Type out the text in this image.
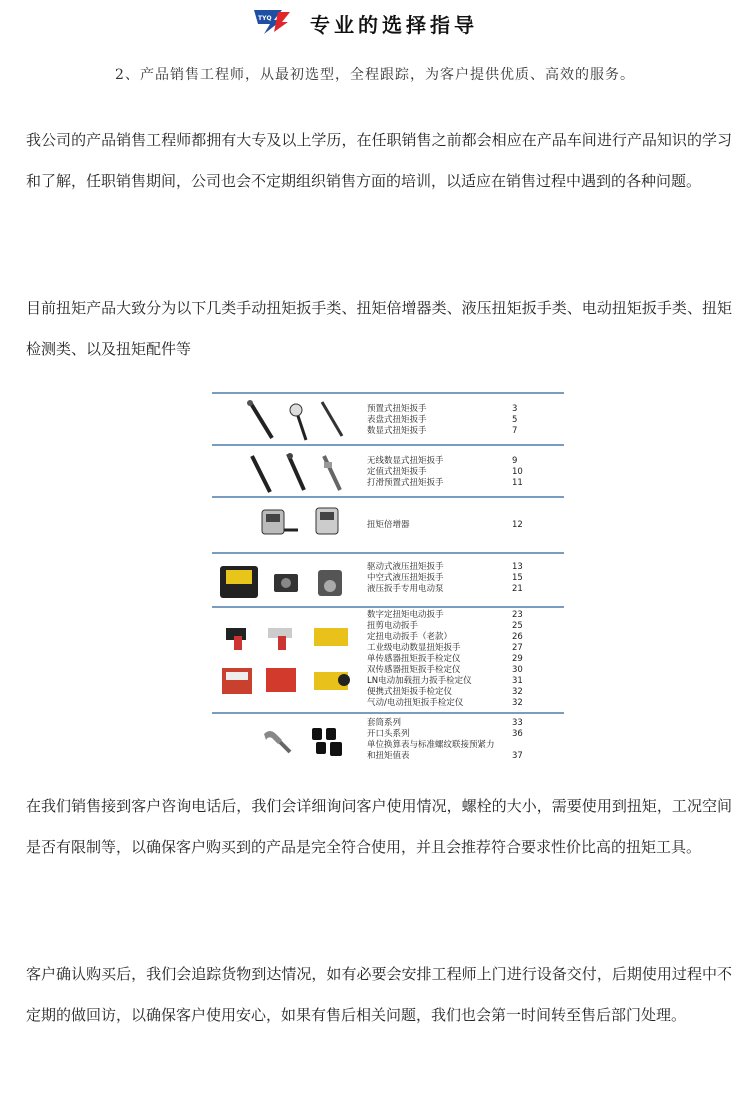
TYQ 专业的选择指导
2、产品销售工程师，从最初选型，全程跟踪，为客户提供优质、高效的服务。
我公司的产品销售工程师都拥有大专及以上学历，在任职销售之前都会相应在产品车间进行产品知识的学习和了解，任职销售期间，公司也会不定期组织销售方面的培训，以适应在销售过程中遇到的各种问题。
目前扭矩产品大致分为以下几类手动扭矩扳手类、扭矩倍增器类、液压扭矩扳手类、电动扭矩扳手类、扭矩检测类、以及扭矩配件等
预置式扭矩扳手
表盘式扭矩扳手
数显式扭矩扳手
3
5
7
无线数显式扭矩扳手
定值式扭矩扳手
打滑预置式扭矩扳手
9
10
11
扭矩倍增器	12
驱动式液压扭矩扳手
中空式液压扭矩扳手
液压扳手专用电动泵
13
15
21
数字定扭矩电动扳手
扭剪电动扳手
定扭电动扳手（老款）
工业级电动数显扭矩扳手
单传感器扭矩扳手检定仪
双传感器扭矩扳手检定仪
LN电动加载扭力扳手检定仪
便携式扭矩扳手检定仪
气动/电动扭矩扳手检定仪
23
25
26
27
29
30
31
32
32
套筒系列
开口头系列
单位换算表与标准螺纹联接预紧力
和扭矩值表
33
36
37
在我们销售接到客户咨询电话后，我们会详细询问客户使用情况，螺栓的大小，需要使用到扭矩，工况空间是否有限制等，以确保客户购买到的产品是完全符合使用，并且会推荐符合要求性价比高的扭矩工具。
客户确认购买后，我们会追踪货物到达情况，如有必要会安排工程师上门进行设备交付，后期使用过程中不定期的做回访，以确保客户使用安心，如果有售后相关问题，我们也会第一时间转至售后部门处理。
